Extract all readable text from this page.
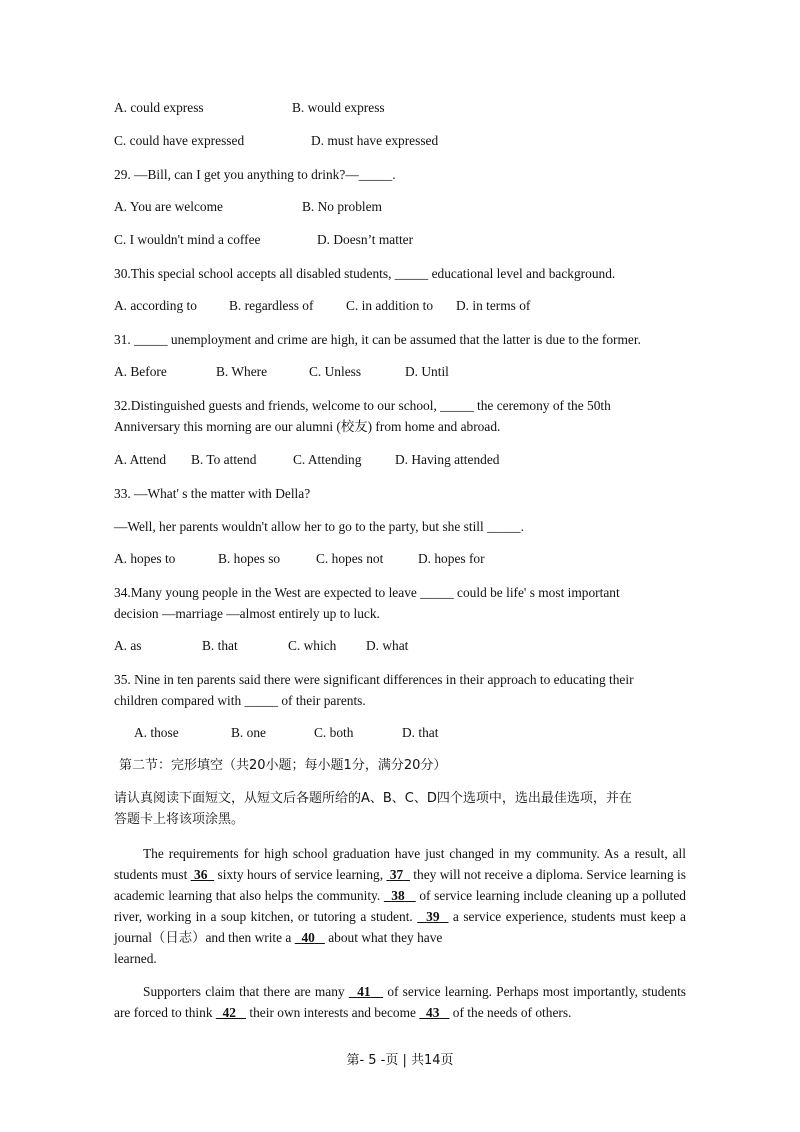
A. could express	B. would express
C. could have expressed	D. must have expressed
29. —Bill, can I get you anything to drink?—_____.
A. You are welcome	B. No problem
C. I wouldn't mind a coffee	D. Doesn’t matter
30.This special school accepts all disabled students, _____ educational level and background.
A. according to B. regardless of C. in addition to D. in terms of
31. _____ unemployment and crime are high, it can be assumed that the latter is due to the former.
A. Before	B. Where	C. Unless	D. Until
32.Distinguished guests and friends, welcome to our school, _____ the ceremony of the 50th
Anniversary this morning are our alumni (校友) from home and abroad.
A. Attend B. To attend	C. Attending	D. Having attended
33. —What' s the matter with Della?
—Well, her parents wouldn't allow her to go to the party, but she still _____.
A. hopes to	B. hopes so	C. hopes not	D. hopes for
34.Many young people in the West are expected to leave _____ could be life' s most important
decision —marriage —almost entirely up to luck.
A. as	B. that	C. which D. what
35. Nine in ten parents said there were significant differences in their approach to educating their
children compared with _____ of their parents.
A. those	B. one	C. both	D. that
第二节：完形填空（共20小题；每小题1分，满分20分）
请认真阅读下面短文，从短文后各题所给的A、B、C、D四个选项中，选出最佳选项，并在
答题卡上将该项涂黑。
The requirements for high school graduation have just changed in my community. As a result, all students must  36   sixty hours of service learning,  37   they will not receive a diploma. Service learning is academic learning that also helps the community.   38    of service learning include cleaning up a polluted river, working in a soup kitchen, or tutoring a student.   39   a service experience, students must keep a journal（日志）and then write a   40    about what they have
learned.
Supporters claim that there are many   41    of service learning. Perhaps most importantly, students are forced to think   42    their own interests and become   43    of the needs of others.
第- 5 -页 | 共14页
